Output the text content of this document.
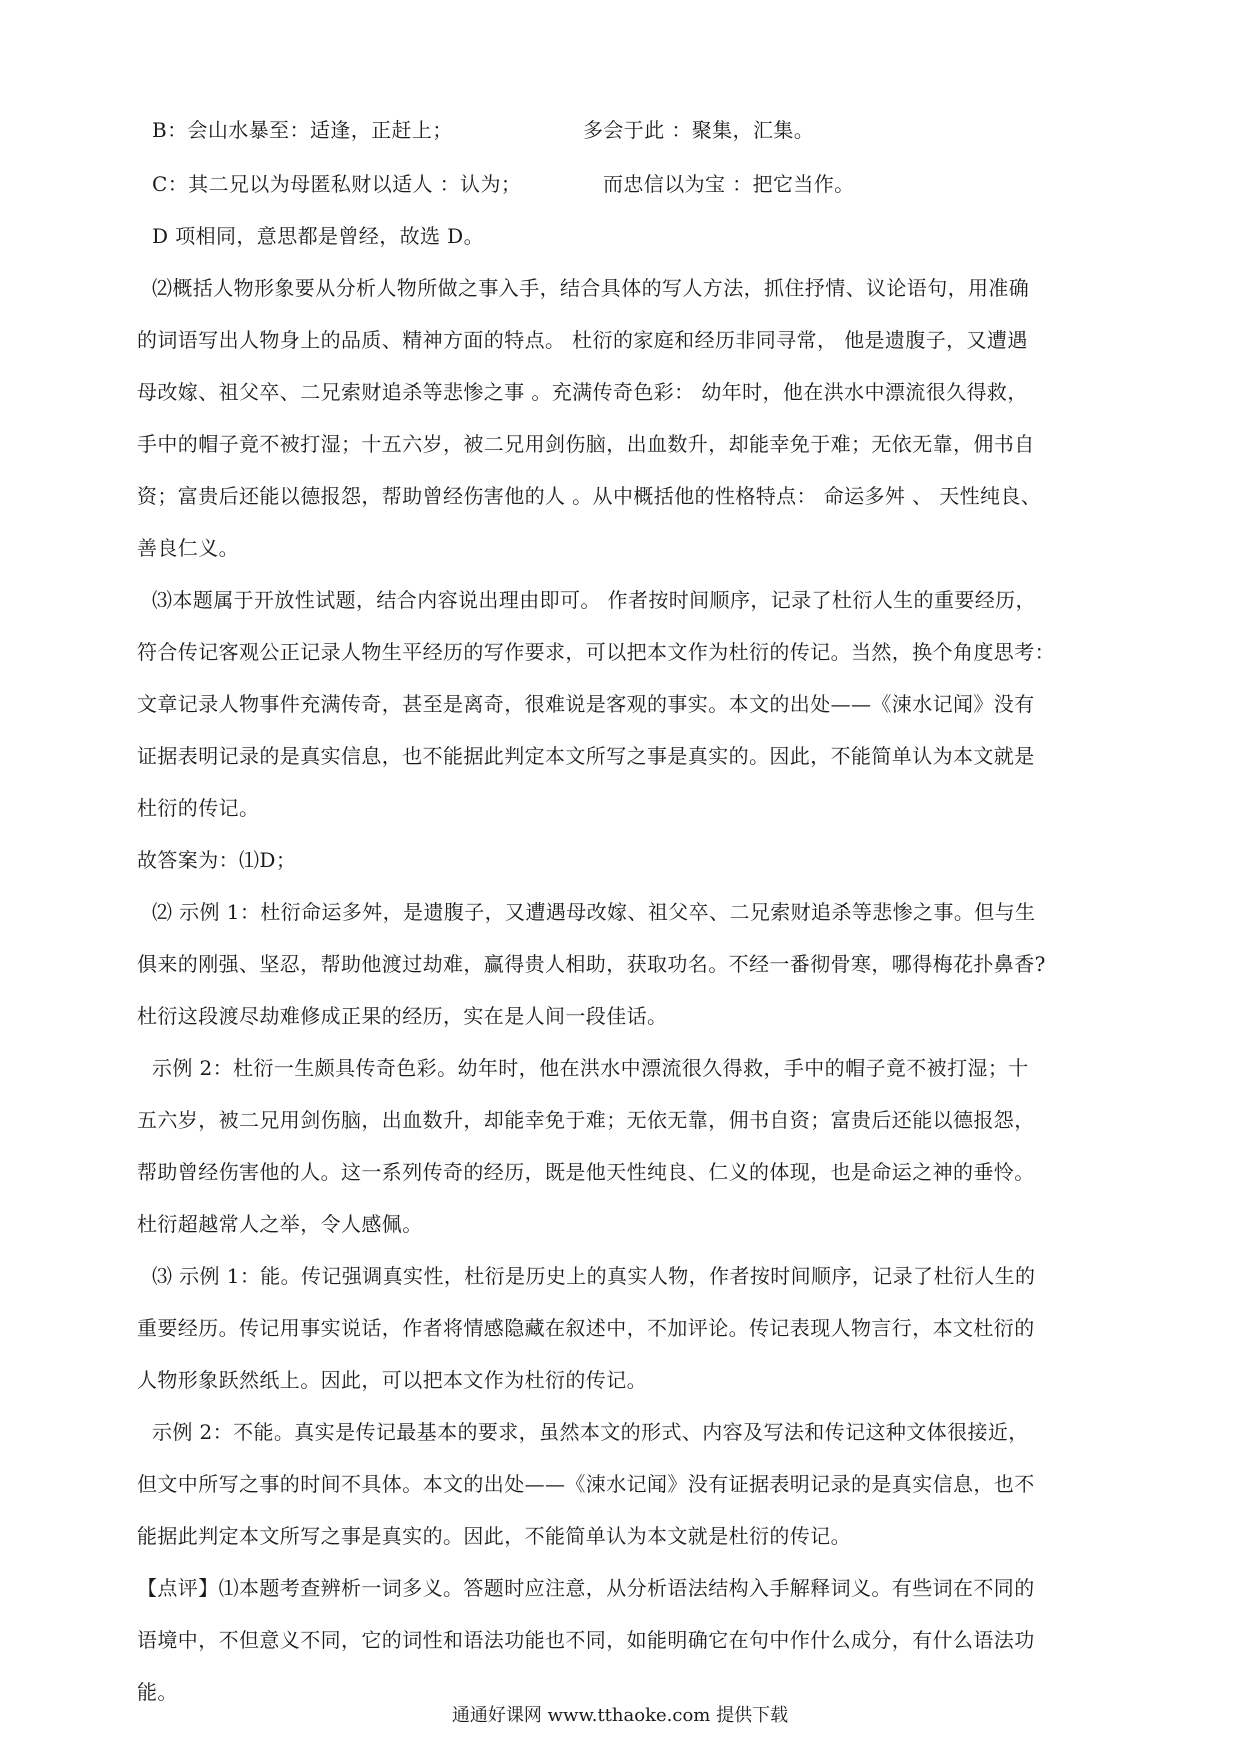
B：会山水暴至：适逢，正赶上；	多会于此 ：聚集，汇集。
C：其二兄以为母匿私财以适人 ：认为；	而忠信以为宝 ：把它当作。
D 项相同，意思都是曾经，故选 D。
⑵概括人物形象要从分析人物所做之事入手，结合具体的写人方法，抓住抒情、议论语句，用准确
的词语写出人物身上的品质、精神方面的特点。 杜衍的家庭和经历非同寻常， 他是遗腹子，又遭遇
母改嫁、祖父卒、二兄索财追杀等悲惨之事 。充满传奇色彩： 幼年时，他在洪水中漂流很久得救，
手中的帽子竟不被打湿；十五六岁，被二兄用剑伤脑，出血数升，却能幸免于难；无依无靠，佣书自
资；富贵后还能以德报怨，帮助曾经伤害他的人 。从中概括他的性格特点： 命运多舛 、 天性纯良、
善良仁义。
⑶本题属于开放性试题，结合内容说出理由即可。 作者按时间顺序，记录了杜衍人生的重要经历，
符合传记客观公正记录人物生平经历的写作要求，可以把本文作为杜衍的传记。当然，换个角度思考：
文章记录人物事件充满传奇，甚至是离奇，很难说是客观的事实。本文的出处——《涑水记闻》没有
证据表明记录的是真实信息，也不能据此判定本文所写之事是真实的。因此，不能简单认为本文就是
杜衍的传记。
故答案为：⑴D；
⑵ 示例 1：杜衍命运多舛，是遗腹子，又遭遇母改嫁、祖父卒、二兄索财追杀等悲惨之事。但与生
俱来的刚强、坚忍，帮助他渡过劫难，赢得贵人相助，获取功名。不经一番彻骨寒，哪得梅花扑鼻香?
杜衍这段渡尽劫难修成正果的经历，实在是人间一段佳话。
示例 2：杜衍一生颇具传奇色彩。幼年时，他在洪水中漂流很久得救，手中的帽子竟不被打湿；十
五六岁，被二兄用剑伤脑，出血数升，却能幸免于难；无依无靠，佣书自资；富贵后还能以德报怨，
帮助曾经伤害他的人。这一系列传奇的经历，既是他天性纯良、仁义的体现，也是命运之神的垂怜。
杜衍超越常人之举，令人感佩。
⑶ 示例 1：能。传记强调真实性，杜衍是历史上的真实人物，作者按时间顺序，记录了杜衍人生的
重要经历。传记用事实说话，作者将情感隐藏在叙述中，不加评论。传记表现人物言行，本文杜衍的
人物形象跃然纸上。因此，可以把本文作为杜衍的传记。
示例 2：不能。真实是传记最基本的要求，虽然本文的形式、内容及写法和传记这种文体很接近，
但文中所写之事的时间不具体。本文的出处——《涑水记闻》没有证据表明记录的是真实信息，也不
能据此判定本文所写之事是真实的。因此，不能简单认为本文就是杜衍的传记。
【点评】⑴本题考查辨析一词多义。答题时应注意，从分析语法结构入手解释词义。有些词在不同的
语境中，不但意义不同，它的词性和语法功能也不同，如能明确它在句中作什么成分，有什么语法功
能。
通通好课网 www.tthaoke.com 提供下载
